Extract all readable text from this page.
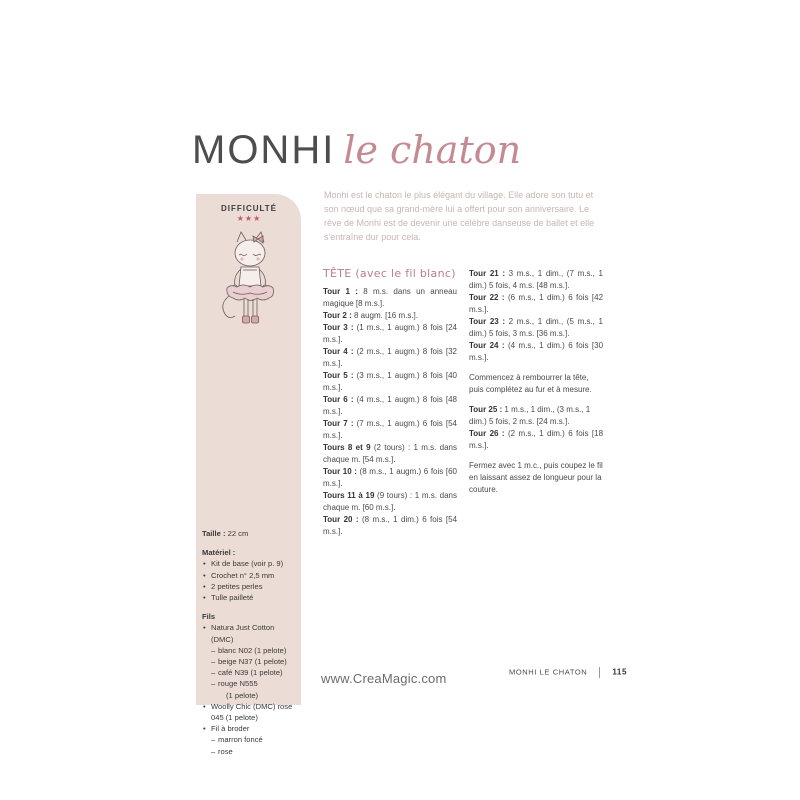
MONHI le chaton
DIFFICULTÉ
★★★
Taille : 22 cm
Matériel :
• Kit de base (voir p. 9)
• Crochet n° 2,5 mm
• 2 petites perles
• Tulle pailleté
Fils
• Natura Just Cotton (DMC)
– blanc N02 (1 pelote)
– beige N37 (1 pelote)
– café N39 (1 pelote)
– rouge N555
(1 pelote)
• Woolly Chic (DMC) rose 045 (1 pelote)
• Fil à broder
– marron foncé
– rose
Monhi est le chaton le plus élégant du village. Elle adore son tutu et son nœud que sa grand-mère lui a offert pour son anniversaire. Le rêve de Monhi est de devenir une célèbre danseuse de ballet et elle s'entraîne dur pour cela.
TÊTE (avec le fil blanc)

Tour 1 : 8 m.s. dans un anneau magique [8 m.s.].

Tour 2 : 8 augm. [16 m.s.].

Tour 3 : (1 m.s., 1 augm.) 8 fois [24 m.s.].

Tour 4 : (2 m.s., 1 augm.) 8 fois [32 m.s.].

Tour 5 : (3 m.s., 1 augm.) 8 fois [40 m.s.].

Tour 6 : (4 m.s., 1 augm.) 8 fois [48 m.s.].

Tour 7 : (7 m.s., 1 augm.) 6 fois [54 m.s.].

Tours 8 et 9 (2 tours) : 1 m.s. dans chaque m. [54 m.s.].

Tour 10 : (8 m.s., 1 augm.) 6 fois [60 m.s.].

Tours 11 à 19 (9 tours) : 1 m.s. dans chaque m. [60 m.s.].

Tour 20 : (8 m.s., 1 dim.) 6 fois [54 m.s.].

Tour 21 : 3 m.s., 1 dim., (7 m.s., 1 dim.) 5 fois, 4 m.s. [48 m.s.].

Tour 22 : (6 m.s., 1 dim.) 6 fois [42 m.s.].

Tour 23 : 2 m.s., 1 dim., (5 m.s., 1 dim.) 5 fois, 3 m.s. [36 m.s.].

Tour 24 : (4 m.s., 1 dim.) 6 fois [30 m.s.].

Commencez à rembourrer la tête, puis complétez au fur et à mesure.

Tour 25 : 1 m.s., 1 dim., (3 m.s., 1 dim.) 5 fois, 2 m.s. [24 m.s.].

Tour 26 : (2 m.s., 1 dim.) 6 fois [18 m.s.].

Fermez avec 1 m.c., puis coupez le fil en laissant assez de longueur pour la couture.

www.CreaMagic.com	MONHI LE CHATON	115
